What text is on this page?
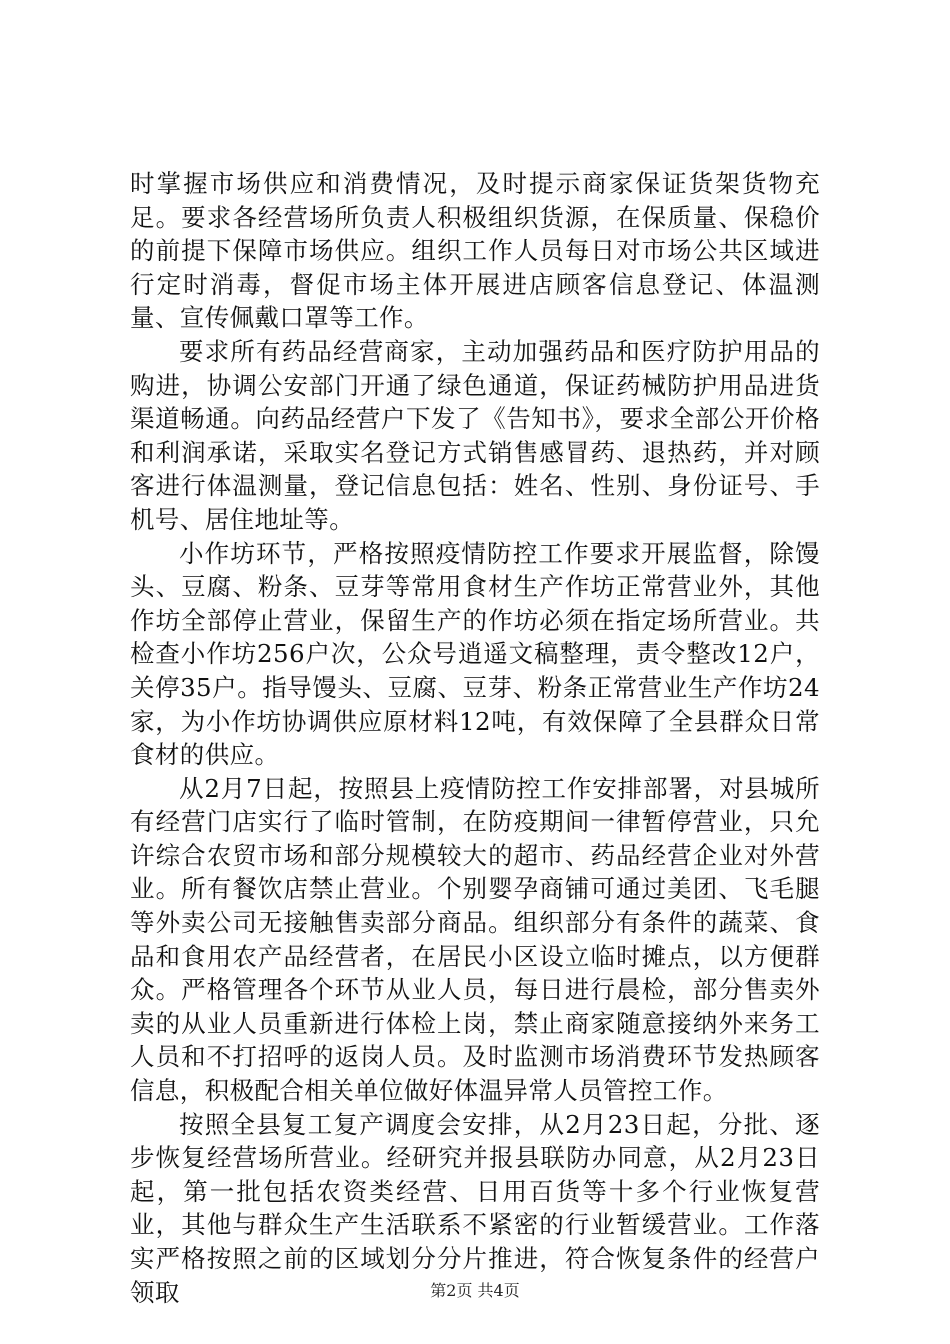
时掌握市场供应和消费情况，及时提示商家保证货架货物充足。要求各经营场所负责人积极组织货源，在保质量、保稳价的前提下保障市场供应。组织工作人员每日对市场公共区域进行定时消毒，督促市场主体开展进店顾客信息登记、体温测量、宣传佩戴口罩等工作。

要求所有药品经营商家，主动加强药品和医疗防护用品的购进，协调公安部门开通了绿色通道，保证药械防护用品进货渠道畅通。向药品经营户下发了《告知书》，要求全部公开价格和利润承诺，采取实名登记方式销售感冒药、退热药，并对顾客进行体温测量，登记信息包括：姓名、性别、身份证号、手机号、居住地址等。

小作坊环节，严格按照疫情防控工作要求开展监督，除馒头、豆腐、粉条、豆芽等常用食材生产作坊正常营业外，其他作坊全部停止营业，保留生产的作坊必须在指定场所营业。共检查小作坊256户次，公众号逍遥文稿整理，责令整改12户，关停35户。指导馒头、豆腐、豆芽、粉条正常营业生产作坊24家，为小作坊协调供应原材料12吨，有效保障了全县群众日常食材的供应。

从2月7日起，按照县上疫情防控工作安排部署，对县城所有经营门店实行了临时管制，在防疫期间一律暂停营业，只允许综合农贸市场和部分规模较大的超市、药品经营企业对外营业。所有餐饮店禁止营业。个别婴孕商铺可通过美团、飞毛腿等外卖公司无接触售卖部分商品。组织部分有条件的蔬菜、食品和食用农产品经营者，在居民小区设立临时摊点，以方便群众。严格管理各个环节从业人员，每日进行晨检，部分售卖外卖的从业人员重新进行体检上岗，禁止商家随意接纳外来务工人员和不打招呼的返岗人员。及时监测市场消费环节发热顾客信息，积极配合相关单位做好体温异常人员管控工作。

按照全县复工复产调度会安排，从2月23日起，分批、逐步恢复经营场所营业。经研究并报县联防办同意，从2月23日起，第一批包括农资类经营、日用百货等十多个行业恢复营业，其他与群众生产生活联系不紧密的行业暂缓营业。工作落实严格按照之前的区域划分分片推进，符合恢复条件的经营户领取	第2页 共4页
